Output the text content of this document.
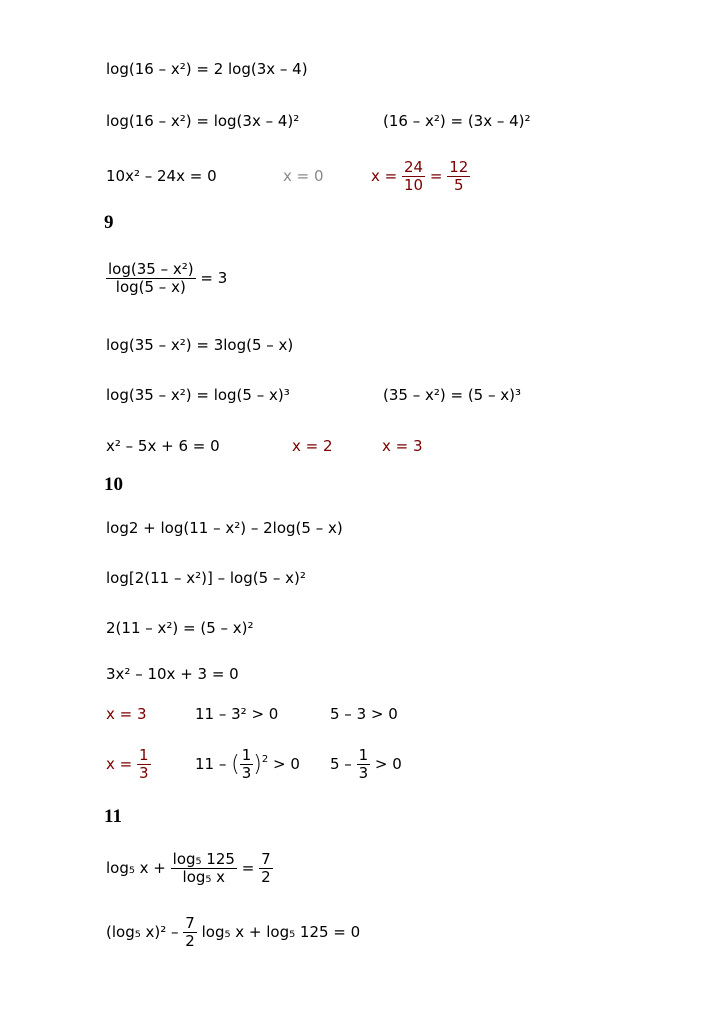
log(16 – x²) = 2 log(3x – 4)
log(16 – x²) = log(3x – 4)²	(16 – x²) = (3x – 4)²
10x² – 24x = 0	x = 0	$x = \frac{24}{10} = \frac{12}{5}$
9
$\frac{\text{log(35 – x²)}}{\log(5 - x)} = 3$
log(35 – x²) = 3log(5 – x)
log(35 – x²) = log(5 – x)³	(35 – x²) = (5 – x)³
x² – 5x + 6 = 0	x = 2	x = 3
10
log2 + log(11 – x²) – 2log(5 – x)
log[2(11 – x²)] – log(5 – x)²
2(11 – x²) = (5 – x)²
3x² – 10x + 3 = 0
x = 3	11 – 3² > 0	5 – 3 > 0
$x = \frac{1}{3}$	11 – ( $\frac{1}{3} )^2 > 0$ $5 - \frac{1}{3} > 0$
11
log₅ $x + \frac{\text{log₅ 125}}{\text{log₅ x}} = \frac{7}{2}$
(log₅ $x)^2 - \frac{7}{2} \log_5$ x + log₅ 125 = 0
